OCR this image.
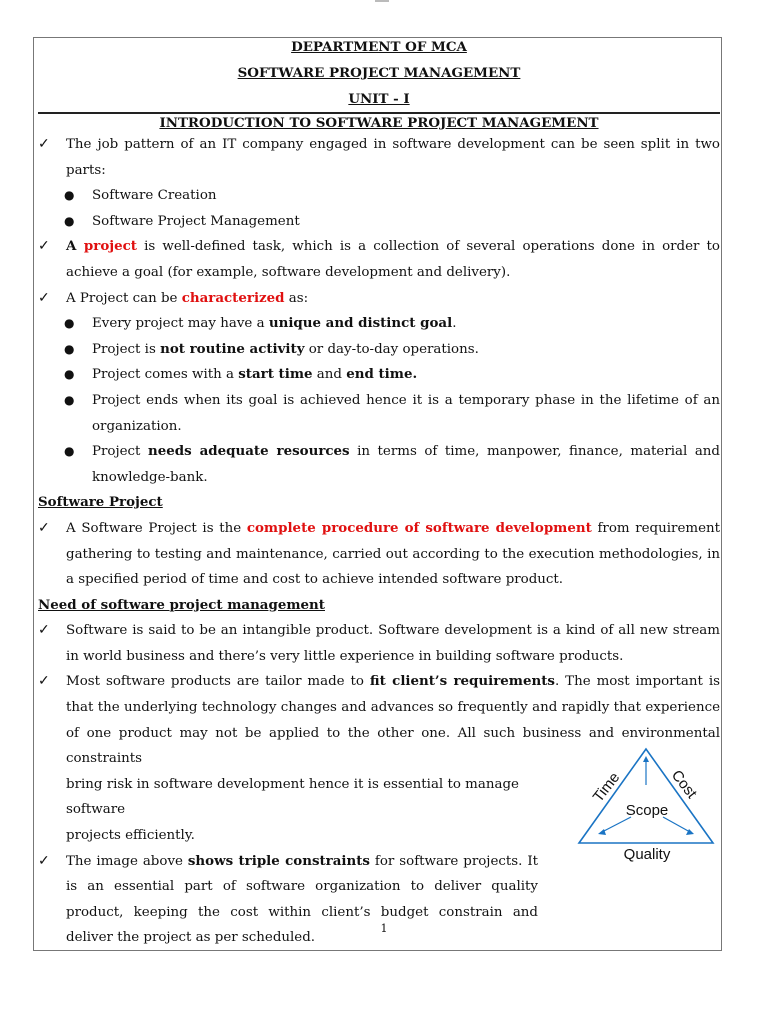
DEPARTMENT OF MCA
SOFTWARE PROJECT MANAGEMENT
UNIT - I
INTRODUCTION TO SOFTWARE PROJECT MANAGEMENT
✓	The job pattern of an IT company engaged in software development can be seen split in two parts:
●	Software Creation
●	Software Project Management
✓	A project is well-defined task, which is a collection of several operations done in order to achieve a goal (for example, software development and delivery).
✓	A Project can be characterized as:
●	Every project may have a unique and distinct goal.
●	Project is not routine activity or day-to-day operations.
●	Project comes with a start time and end time.
●	Project ends when its goal is achieved hence it is a temporary phase in the lifetime of an organization.
●	Project needs adequate resources in terms of time, manpower, finance, material and knowledge-bank.
Software Project
✓	A Software Project is the complete procedure of software development from requirement gathering to testing and maintenance, carried out according to the execution methodologies, in a specified period of time and cost to achieve intended software product.
Need of software project management
✓	Software is said to be an intangible product. Software development is a kind of all new stream in world business and there’s very little experience in building software products.
✓	Most software products are tailor made to fit client’s requirements. The most important is that the underlying technology changes and advances so frequently and rapidly that experience of one product may not be applied to the other one. All such business and environmental constraints
bring risk in software development hence it is essential to manage software
projects efficiently.
✓	The image above shows triple constraints for software projects. It is an essential part of software organization to deliver quality product, keeping the cost within client’s budget constrain and deliver the project as per scheduled.
Scope
Quality
Time	Cost
1
